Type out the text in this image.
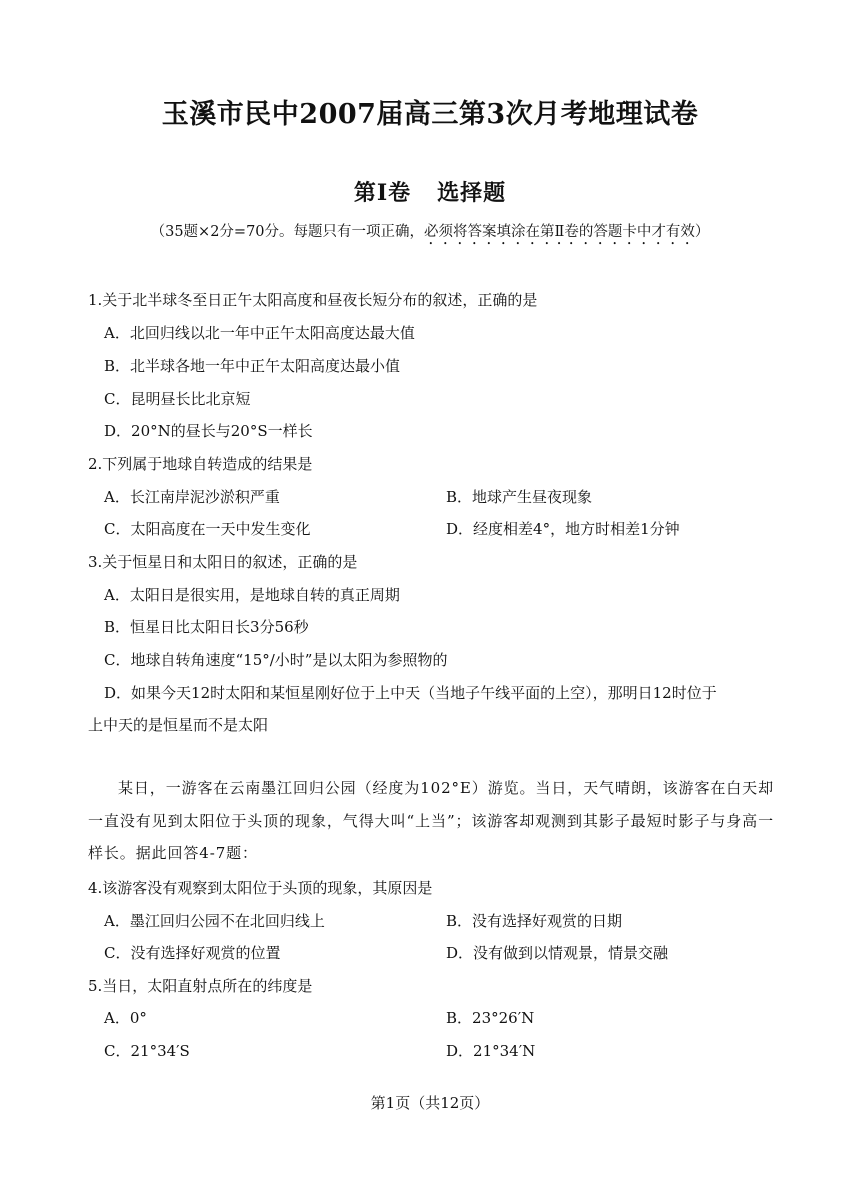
玉溪市民中2007届高三第3次月考地理试卷
第Ⅰ卷 选择题
（35题×2分=70分。每题只有一项正确，必须将答案填涂在第Ⅱ卷的答题卡中才有效）
1.关于北半球冬至日正午太阳高度和昼夜长短分布的叙述，正确的是
A．北回归线以北一年中正午太阳高度达最大值
B．北半球各地一年中正午太阳高度达最小值
C．昆明昼长比北京短
D．20°N的昼长与20°S一样长
2.下列属于地球自转造成的结果是
A．长江南岸泥沙淤积严重	B．地球产生昼夜现象
C．太阳高度在一天中发生变化	D．经度相差4°，地方时相差1分钟
3.关于恒星日和太阳日的叙述，正确的是
A．太阳日是很实用，是地球自转的真正周期
B．恒星日比太阳日长3分56秒
C．地球自转角速度“15°/小时”是以太阳为参照物的
D．如果今天12时太阳和某恒星刚好位于上中天（当地子午线平面的上空），那明日12时位于
上中天的是恒星而不是太阳
某日，一游客在云南墨江回归公园（经度为102°E）游览。当日，天气晴朗，该游客在白天却一直没有见到太阳位于头顶的现象，气得大叫“上当”；该游客却观测到其影子最短时影子与身高一样长。据此回答4-7题：
4.该游客没有观察到太阳位于头顶的现象，其原因是
A．墨江回归公园不在北回归线上	B．没有选择好观赏的日期
C．没有选择好观赏的位置	D．没有做到以情观景，情景交融
5.当日，太阳直射点所在的纬度是
A．0°	B．23°26′N
C．21°34′S	D．21°34′N
第1页（共12页）
